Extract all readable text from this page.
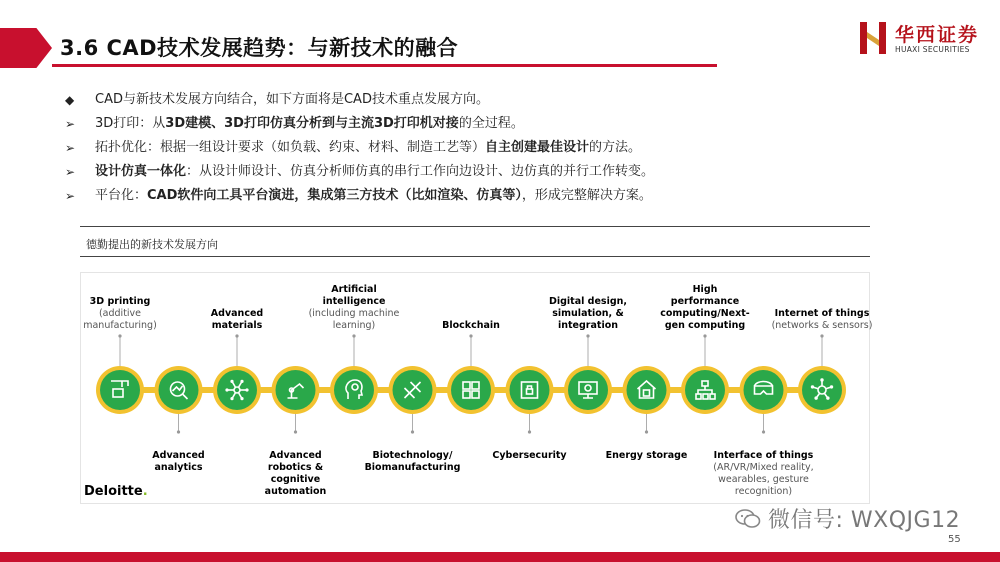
3.6 CAD技术发展趋势：与新技术的融合
华西证券
HUAXI SECURITIES
◆	CAD与新技术发展方向结合，如下方面将是CAD技术重点发展方向。
➢	3D打印：从3D建模、3D打印仿真分析到与主流3D打印机对接的全过程。
➢	拓扑优化：根据一组设计要求（如负载、约束、材料、制造工艺等）自主创建最佳设计的方法。
➢	设计仿真一体化：从设计师设计、仿真分析师仿真的串行工作向边设计、边仿真的并行工作转变。
➢	平台化：CAD软件向工具平台演进，集成第三方技术（比如渲染、仿真等），形成完整解决方案。
德勤提出的新技术发展方向
3D printing
(additive
manufacturing)
Advanced
analytics
Advanced
materials
Advanced
robotics &
cognitive
automation
Artificial
intelligence
(including machine
learning)
Biotechnology/
Biomanufacturing
Blockchain
Cybersecurity
Digital design,
simulation, &
integration
Energy storage
High
performance
computing/Next-
gen computing
Interface of things
(AR/VR/Mixed reality,
wearables, gesture
recognition)
Internet of things
(networks & sensors)
Deloitte.
微信号: WXQJG12
55
